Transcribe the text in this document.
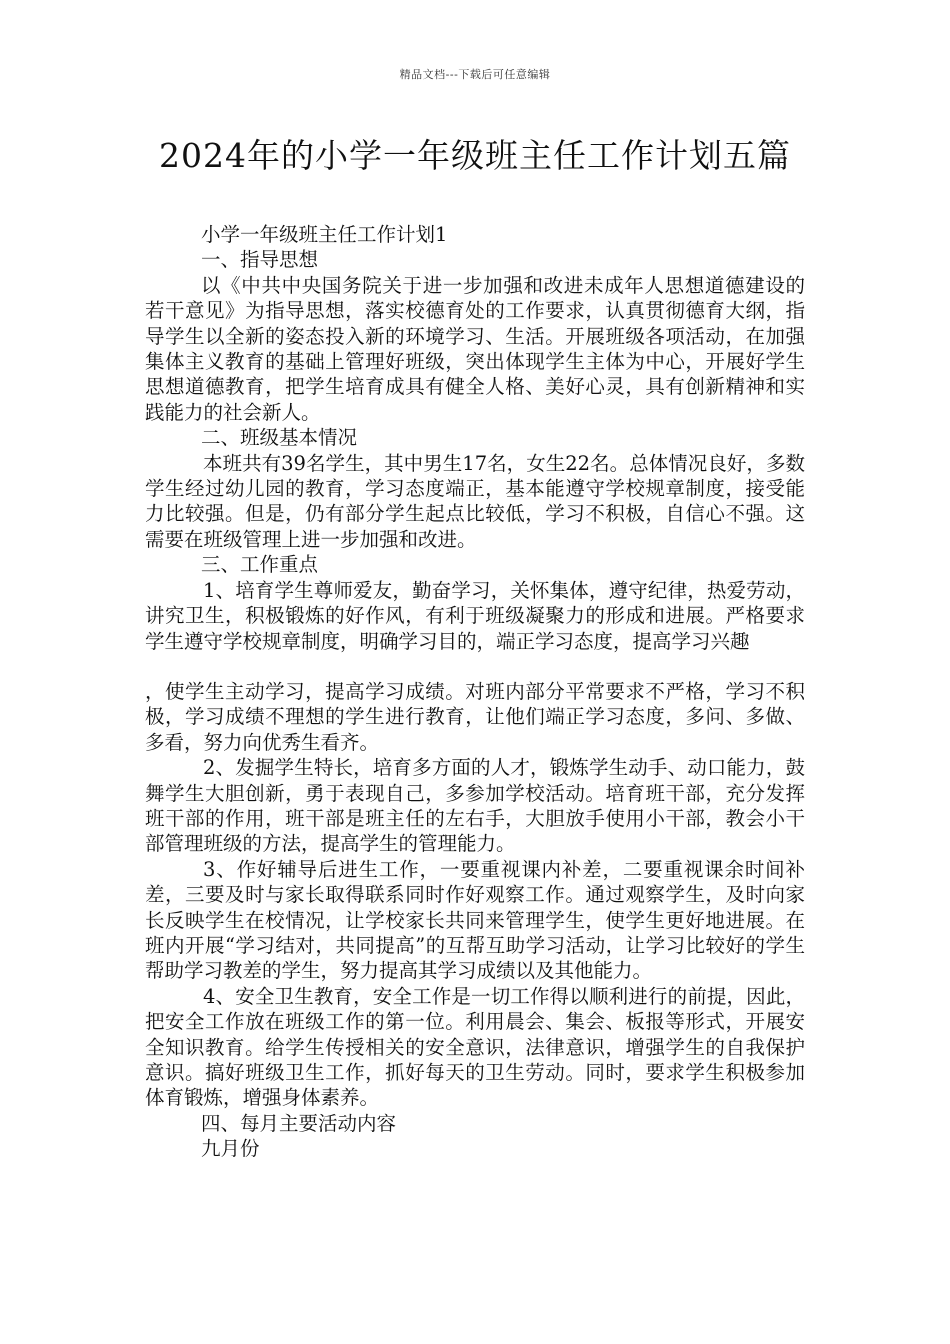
精品文档---下载后可任意编辑
2024年的小学一年级班主任工作计划五篇

小学一年级班主任工作计划1

一、指导思想

以《中共中央国务院关于进一步加强和改进未成年人思想道德建设的若干意见》为指导思想，落实校德育处的工作要求，认真贯彻德育大纲，指导学生以全新的姿态投入新的环境学习、生活。开展班级各项活动，在加强集体主义教育的基础上管理好班级，突出体现学生主体为中心，开展好学生思想道德教育，把学生培育成具有健全人格、美好心灵，具有创新精神和实践能力的社会新人。

二、班级基本情况

本班共有39名学生，其中男生17名，女生22名。总体情况良好，多数学生经过幼儿园的教育，学习态度端正，基本能遵守学校规章制度，接受能力比较强。但是，仍有部分学生起点比较低，学习不积极，自信心不强。这需要在班级管理上进一步加强和改进。

三、工作重点

1、培育学生尊师爱友，勤奋学习，关怀集体，遵守纪律，热爱劳动，讲究卫生，积极锻炼的好作风，有利于班级凝聚力的形成和进展。严格要求学生遵守学校规章制度，明确学习目的，端正学习态度，提高学习兴趣

，使学生主动学习，提高学习成绩。对班内部分平常要求不严格，学习不积极，学习成绩不理想的学生进行教育，让他们端正学习态度，多问、多做、多看，努力向优秀生看齐。

2、发掘学生特长，培育多方面的人才，锻炼学生动手、动口能力，鼓舞学生大胆创新，勇于表现自己，多参加学校活动。培育班干部，充分发挥班干部的作用，班干部是班主任的左右手，大胆放手使用小干部，教会小干部管理班级的方法，提高学生的管理能力。

3、作好辅导后进生工作，一要重视课内补差，二要重视课余时间补差，三要及时与家长取得联系同时作好观察工作。通过观察学生，及时向家长反映学生在校情况，让学校家长共同来管理学生，使学生更好地进展。在班内开展“学习结对，共同提高”的互帮互助学习活动，让学习比较好的学生帮助学习教差的学生，努力提高其学习成绩以及其他能力。

4、安全卫生教育，安全工作是一切工作得以顺利进行的前提，因此，把安全工作放在班级工作的第一位。利用晨会、集会、板报等形式，开展安全知识教育。给学生传授相关的安全意识，法律意识，增强学生的自我保护意识。搞好班级卫生工作，抓好每天的卫生劳动。同时，要求学生积极参加体育锻炼，增强身体素养。

四、每月主要活动内容

九月份
